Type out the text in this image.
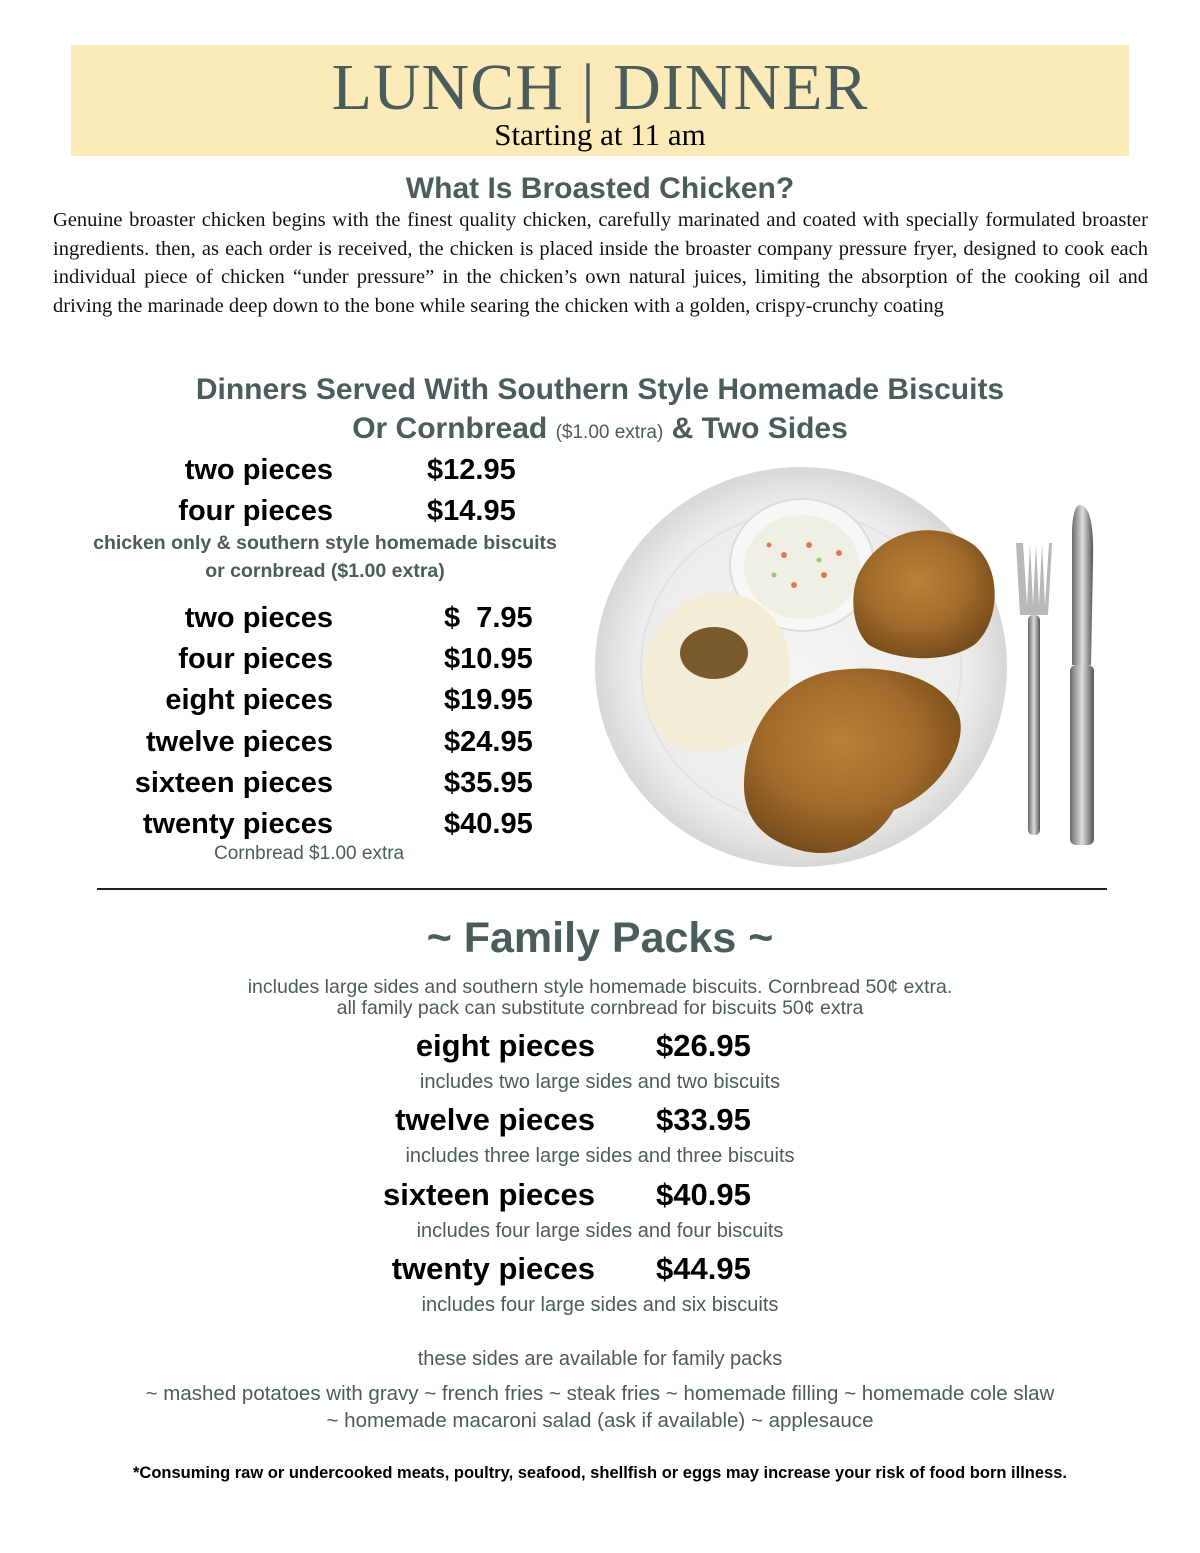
LUNCH | DINNER
Starting at 11 am
What Is Broasted Chicken?
Genuine broaster chicken begins with the finest quality chicken, carefully marinated and coated with specially formulated broaster ingredients. then, as each order is received, the chicken is placed inside the broaster company pressure fryer, designed to cook each individual piece of chicken “under pressure” in the chicken’s own natural juices, limiting the absorption of the cooking oil and driving the marinade deep down to the bone while searing the chicken with a golden, crispy-crunchy coating
Dinners Served With Southern Style Homemade Biscuits
Or Cornbread ($1.00 extra) & Two Sides
two pieces	$12.95
four pieces	$14.95
chicken only & southern style homemade biscuits
or cornbread ($1.00 extra)
two pieces	$  7.95
four pieces	$10.95
eight pieces	$19.95
twelve pieces	$24.95
sixteen pieces	$35.95
twenty pieces	$40.95
Cornbread $1.00 extra
~ Family Packs ~
includes large sides and southern style homemade biscuits. Cornbread 50¢ extra.
all family pack can substitute cornbread for biscuits 50¢ extra
eight pieces $26.95
includes two large sides and two biscuits
twelve pieces $33.95
includes three large sides and three biscuits
sixteen pieces $40.95
includes four large sides and four biscuits
twenty pieces $44.95
includes four large sides and six biscuits
these sides are available for family packs
~ mashed potatoes with gravy ~ french fries ~ steak fries ~ homemade filling ~ homemade cole slaw
~ homemade macaroni salad (ask if available) ~ applesauce
*Consuming raw or undercooked meats, poultry, seafood, shellfish or eggs may increase your risk of food born illness.
